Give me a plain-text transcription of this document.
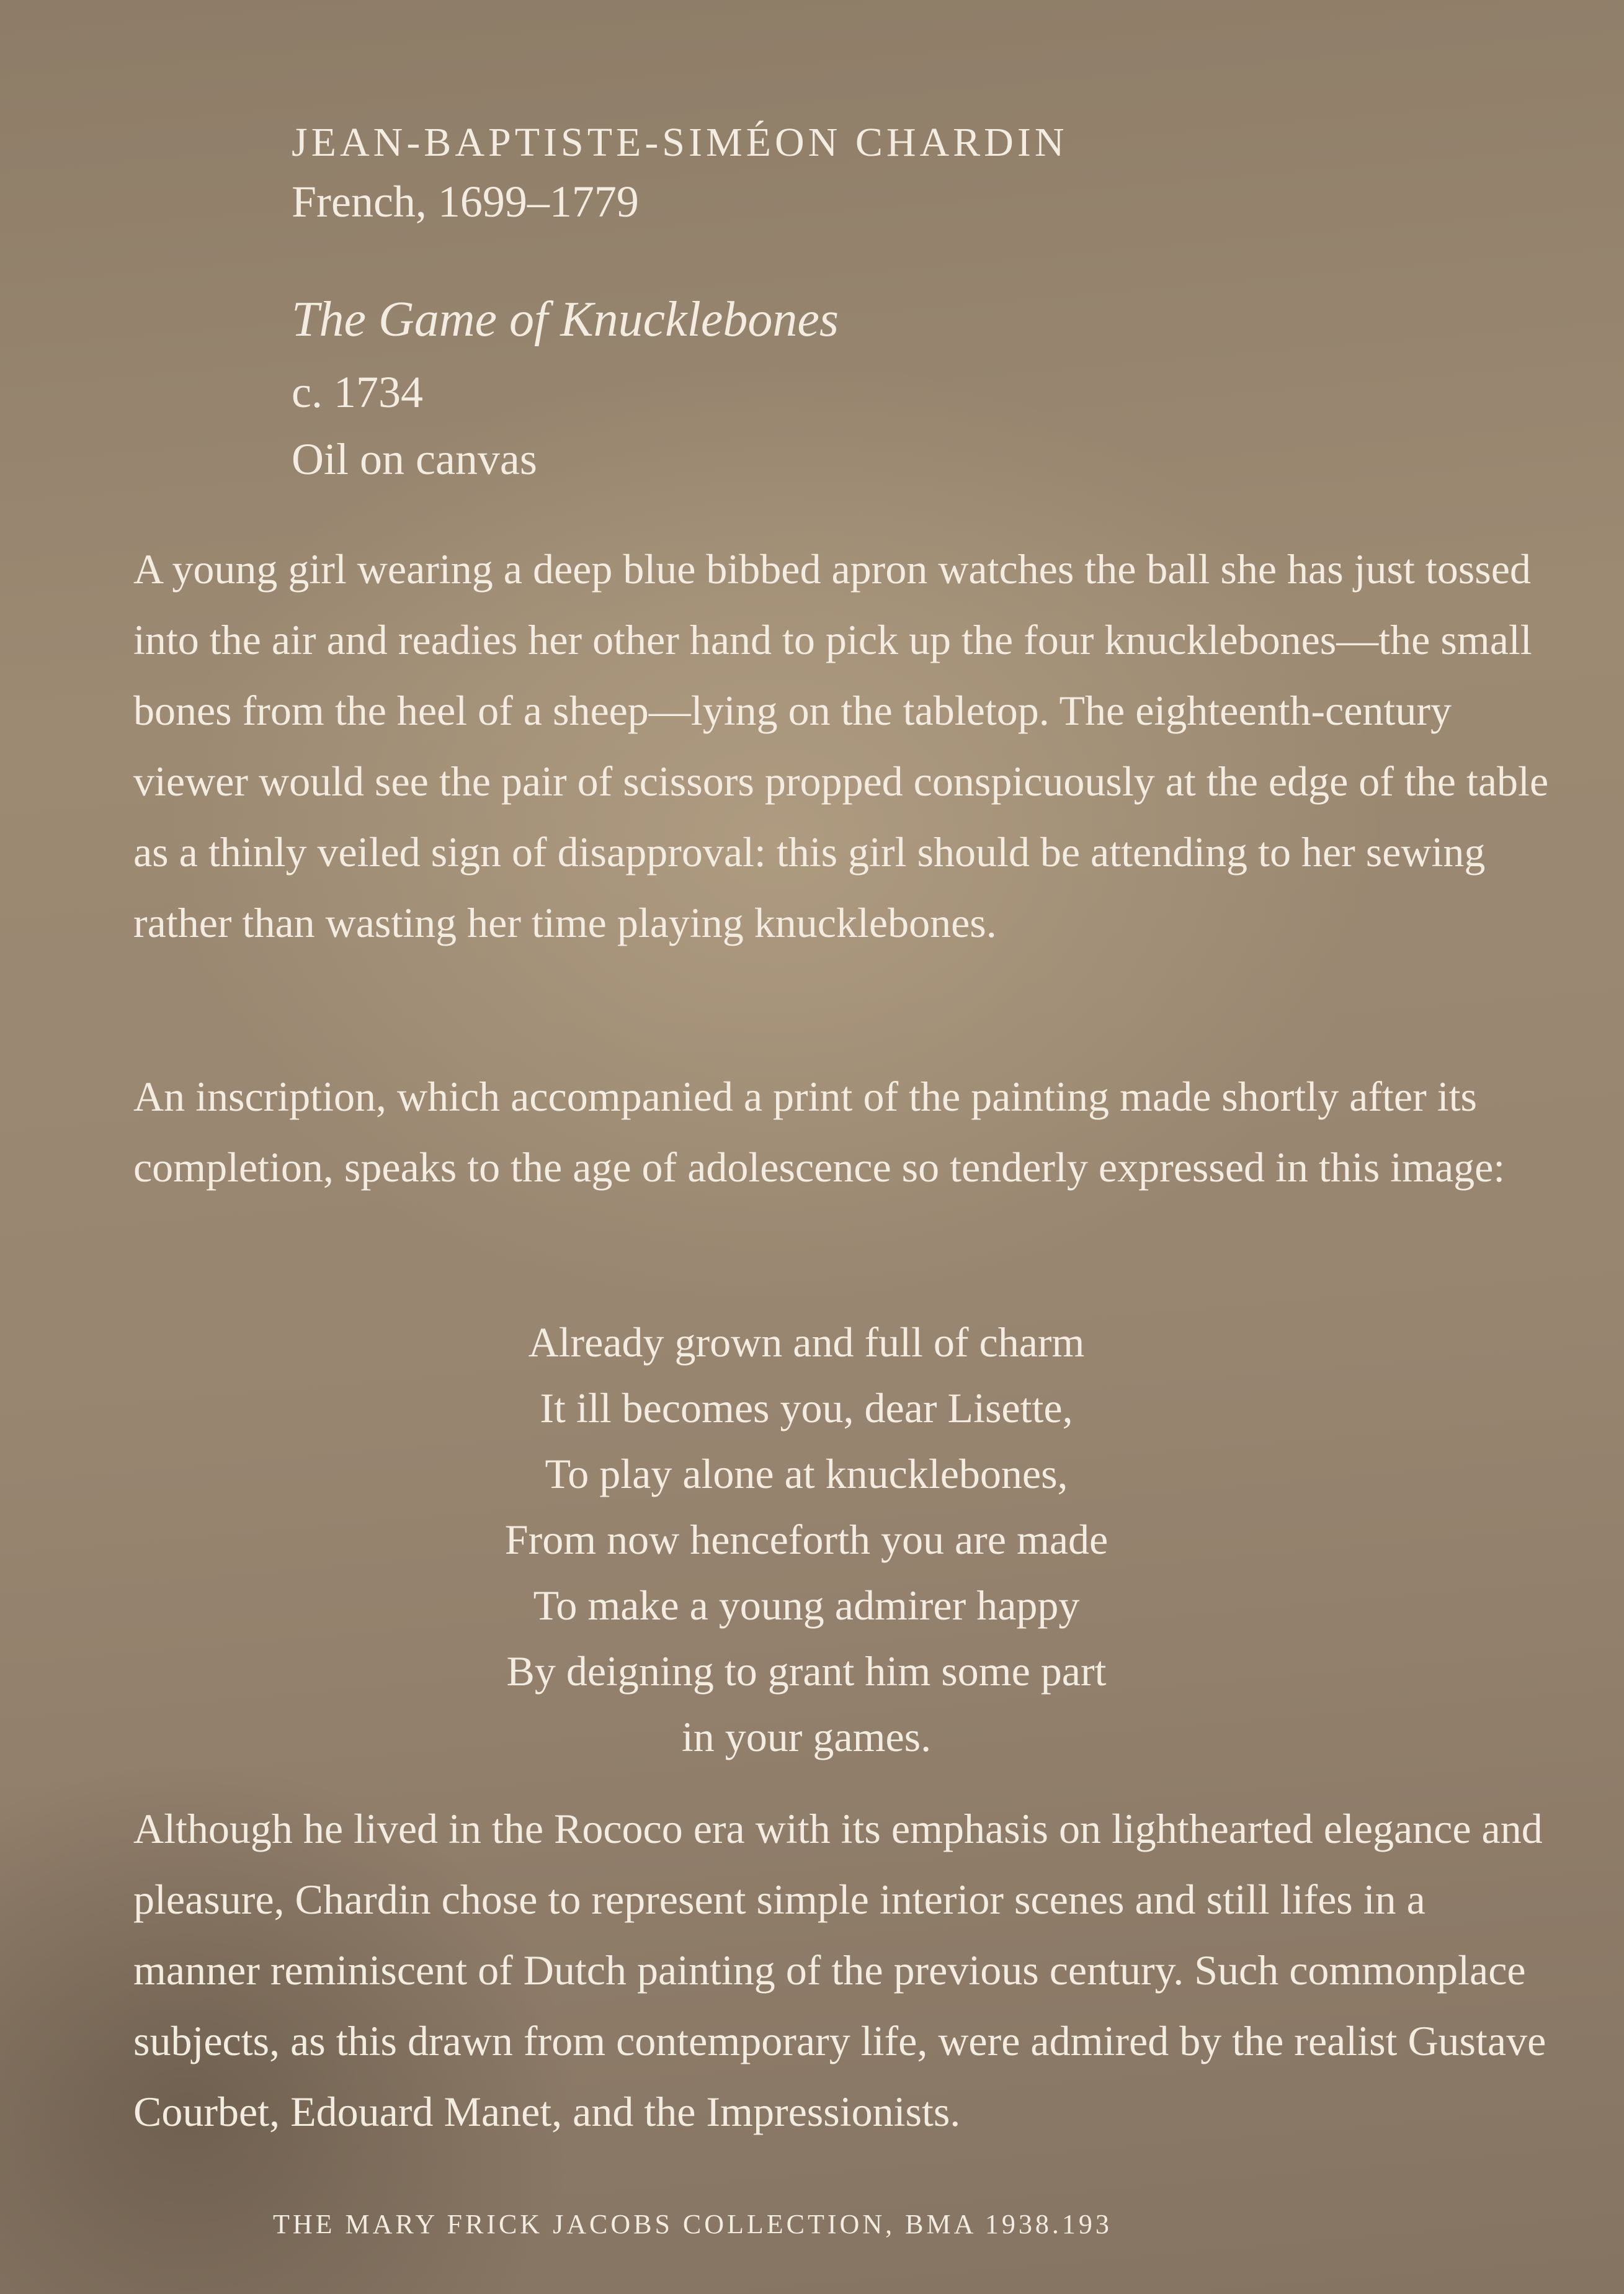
JEAN-BAPTISTE-SIMÉON CHARDIN

French, 1699–1779

The Game of Knucklebones

c. 1734

Oil on canvas

A young girl wearing a deep blue bibbed apron watches the ball she has just tossed into the air and readies her other hand to pick up the four knucklebones—the small bones from the heel of a sheep—lying on the tabletop. The eighteenth-century viewer would see the pair of scissors propped conspicuously at the edge of the table as a thinly veiled sign of disapproval: this girl should be attending to her sewing rather than wasting her time playing knucklebones.

An inscription, which accompanied a print of the painting made shortly after its completion, speaks to the age of adolescence so tenderly expressed in this image:

Already grown and full of charm
It ill becomes you, dear Lisette,
To play alone at knucklebones,
From now henceforth you are made
To make a young admirer happy
By deigning to grant him some part
in your games.

Although he lived in the Rococo era with its emphasis on lighthearted elegance and pleasure, Chardin chose to represent simple interior scenes and still lifes in a manner reminiscent of Dutch painting of the previous century. Such commonplace subjects, as this drawn from contemporary life, were admired by the realist Gustave Courbet, Edouard Manet, and the Impressionists.

THE MARY FRICK JACOBS COLLECTION, BMA 1938.193
